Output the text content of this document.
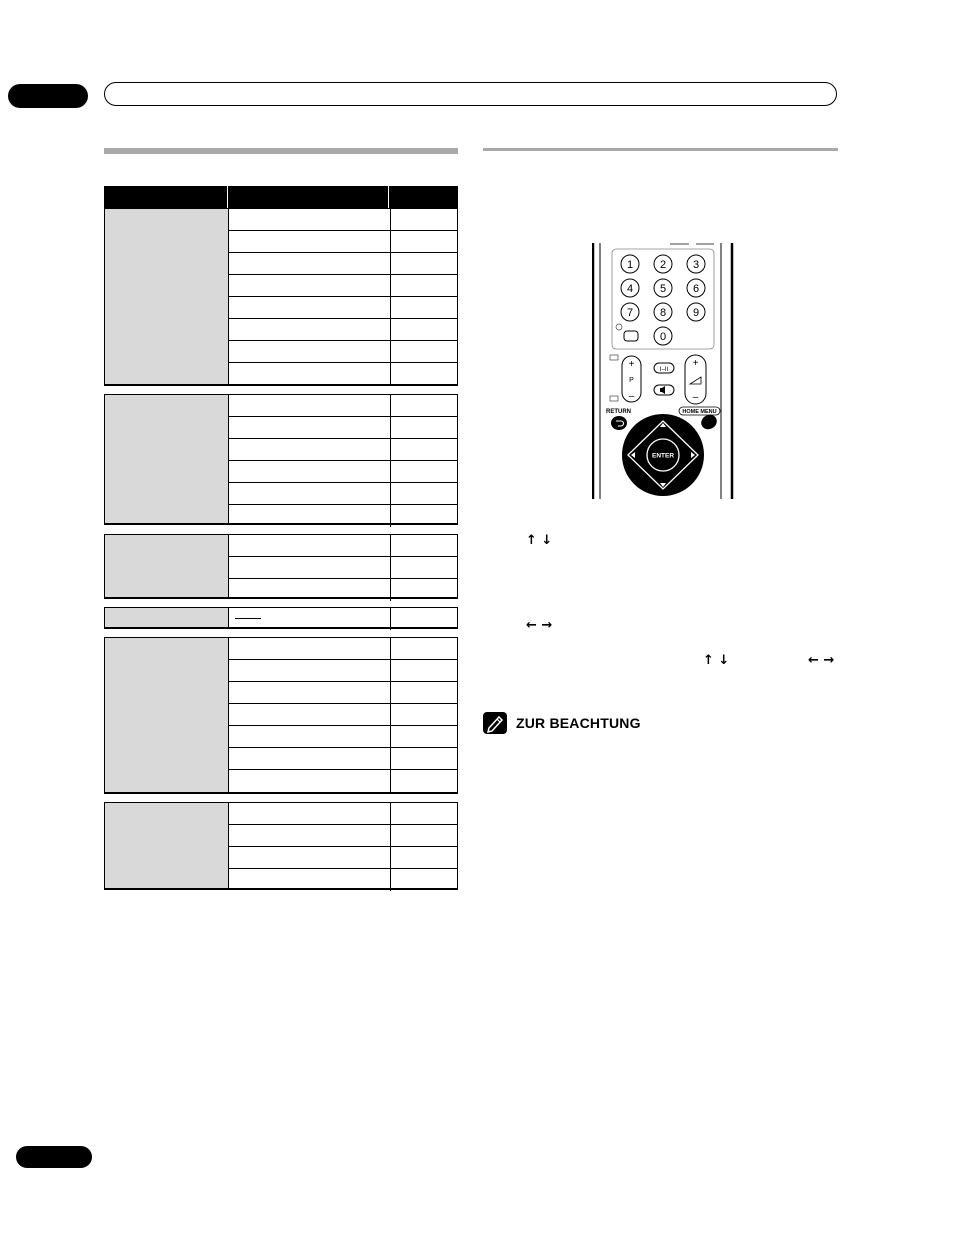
1 2 3
4 5 6
7 8 9
0
+
P
–
I–II
+
–
RETURN	HOME MENU
ENTER
↑ ↓
← →
↑ ↓	← →
ZUR BEACHTUNG
